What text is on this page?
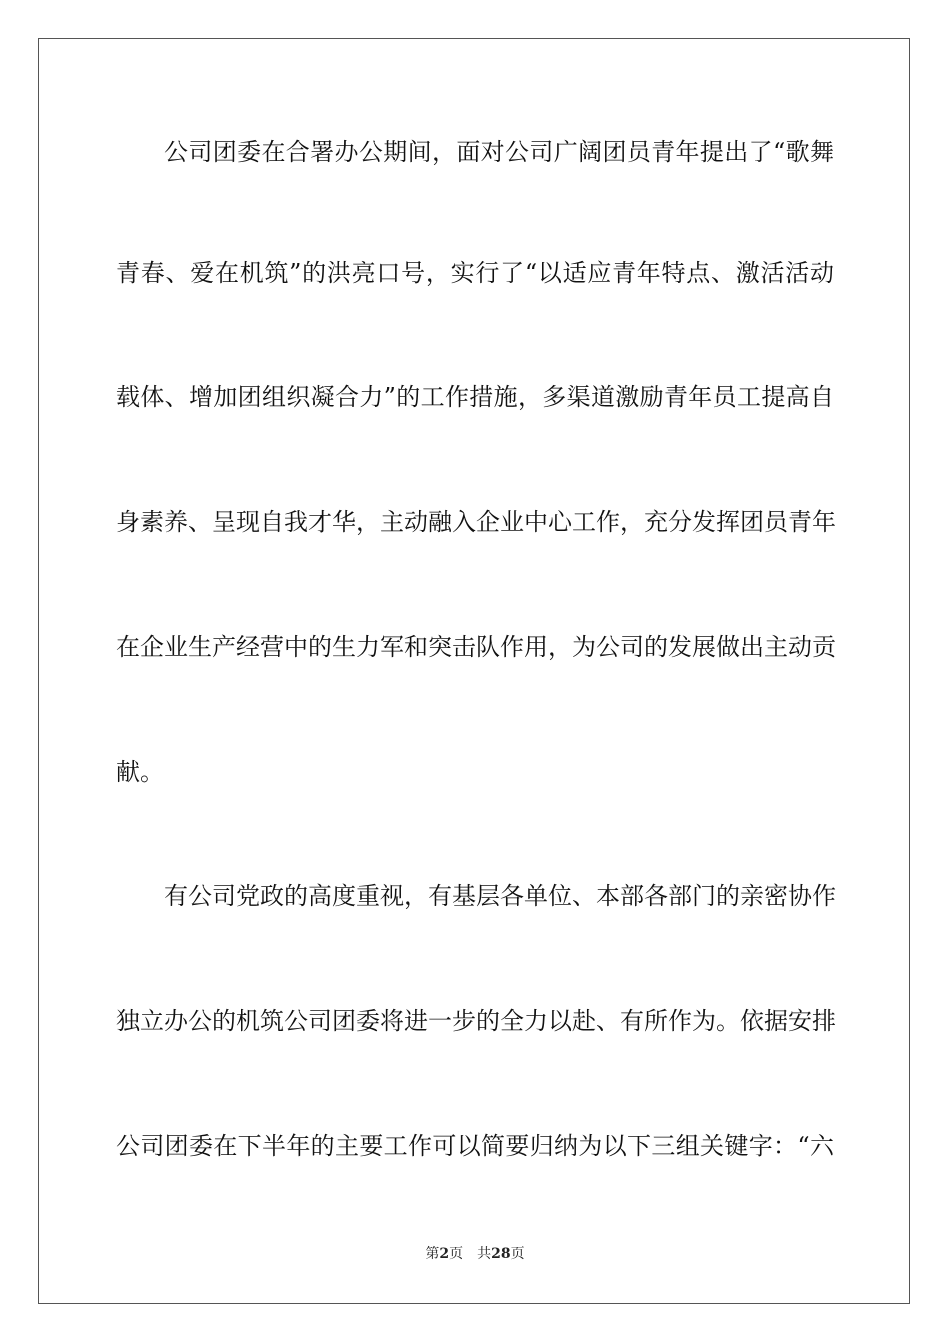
公司团委在合署办公期间，面对公司广阔团员青年提出了“歌舞
青春、爱在机筑”的洪亮口号，实行了“以适应青年特点、激活活动
载体、增加团组织凝合力”的工作措施，多渠道激励青年员工提高自
身素养、呈现自我才华，主动融入企业中心工作，充分发挥团员青年
在企业生产经营中的生力军和突击队作用，为公司的发展做出主动贡
献。
有公司党政的高度重视，有基层各单位、本部各部门的亲密协作
独立办公的机筑公司团委将进一步的全力以赴、有所作为。依据安排
公司团委在下半年的主要工作可以简要归纳为以下三组关键字：“六
第2页 共28页
